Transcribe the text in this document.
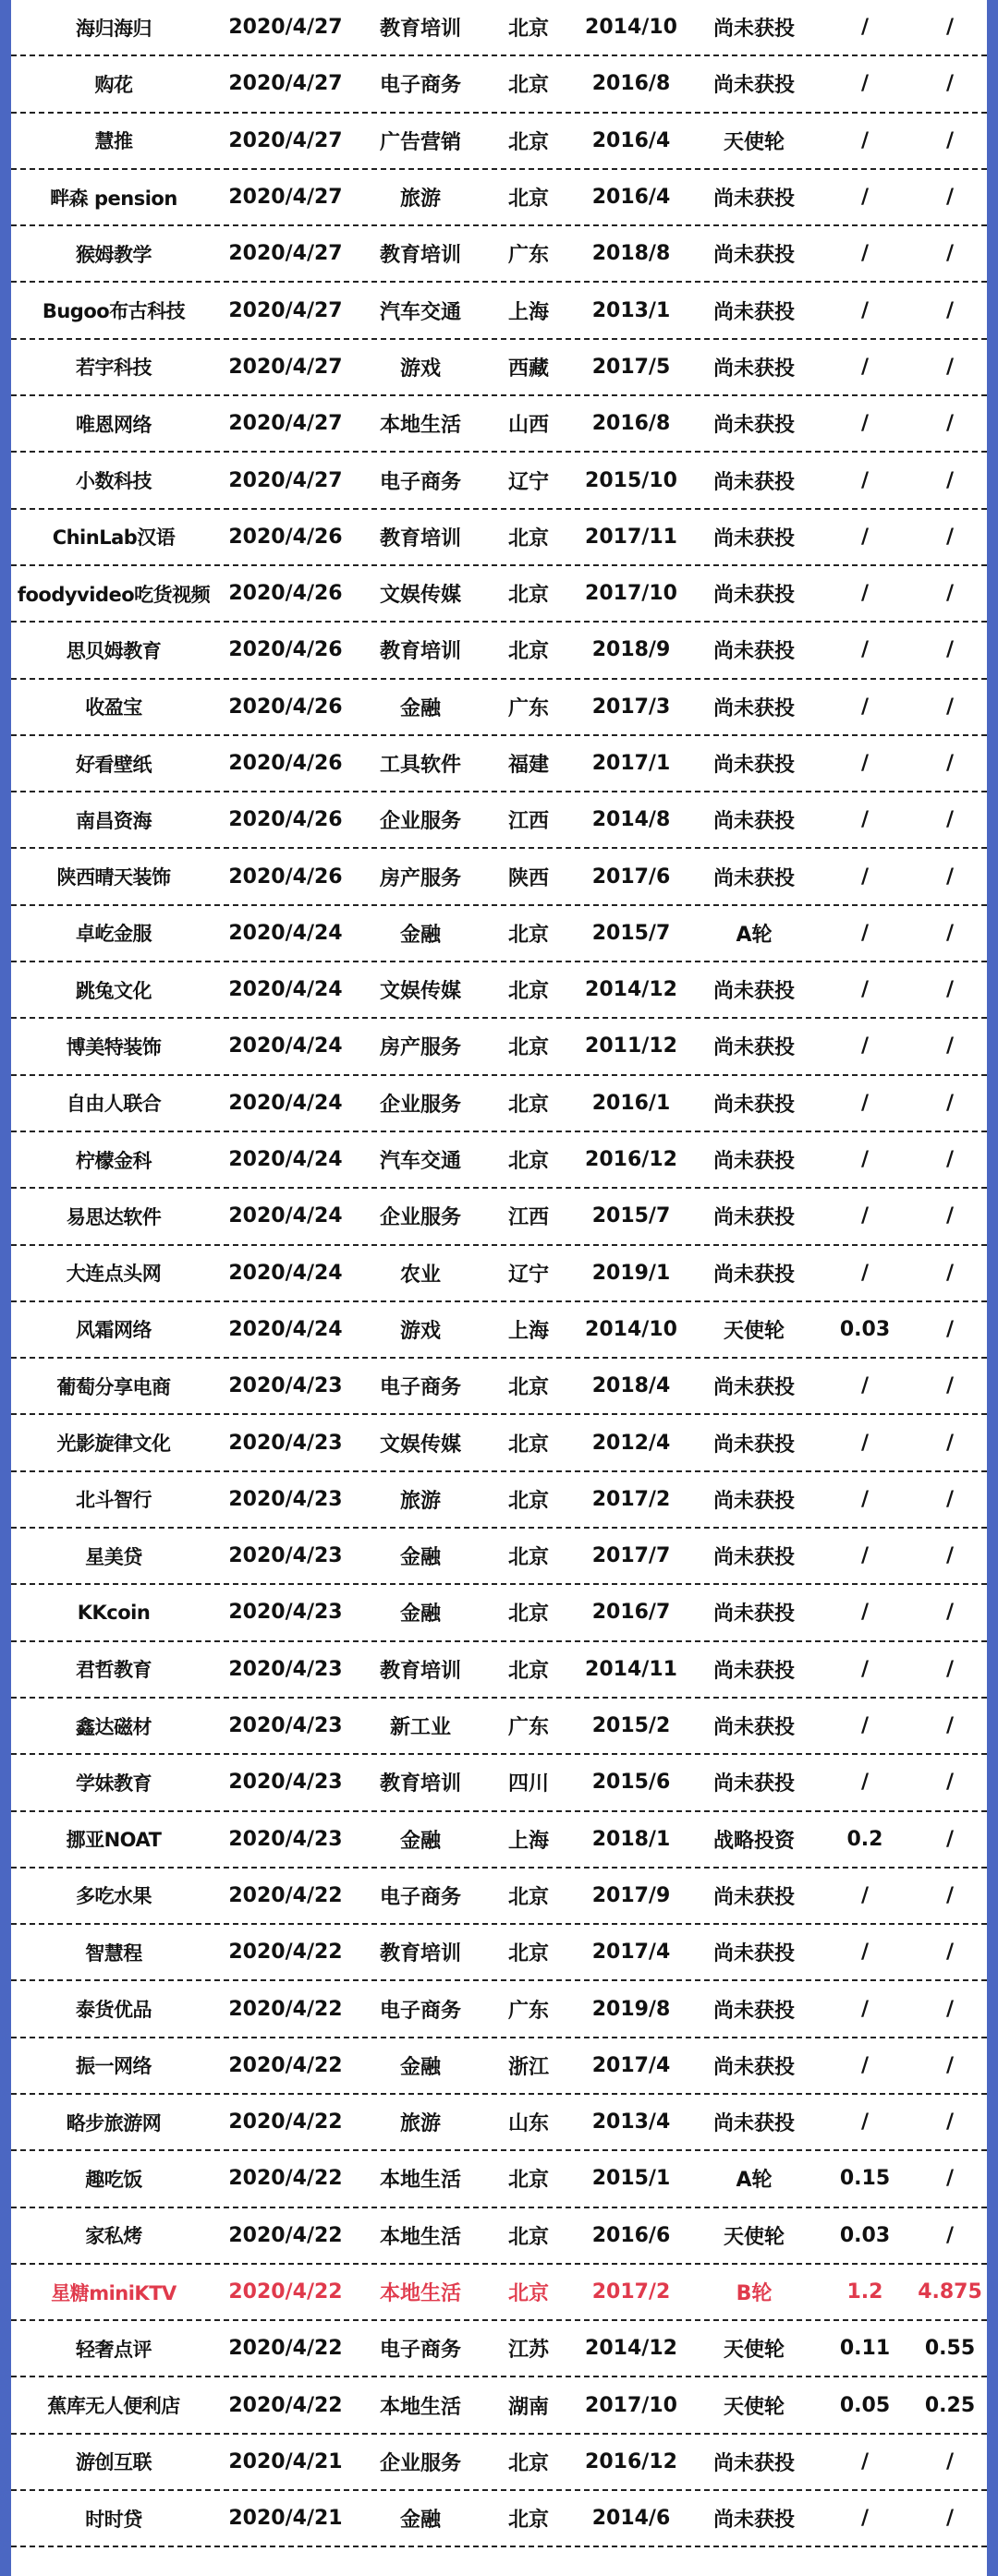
海归海归	2020/4/27	教育培训	北京	2014/10	尚未获投	/	/
购花	2020/4/27	电子商务	北京	2016/8	尚未获投	/	/
慧推	2020/4/27	广告营销	北京	2016/4	天使轮	/	/
畔森 pension	2020/4/27	旅游	北京	2016/4	尚未获投	/	/
猴姆教学	2020/4/27	教育培训	广东	2018/8	尚未获投	/	/
Bugoo布古科技	2020/4/27	汽车交通	上海	2013/1	尚未获投	/	/
若宇科技	2020/4/27	游戏	西藏	2017/5	尚未获投	/	/
唯恩网络	2020/4/27	本地生活	山西	2016/8	尚未获投	/	/
小数科技	2020/4/27	电子商务	辽宁	2015/10	尚未获投	/	/
ChinLab汉语	2020/4/26	教育培训	北京	2017/11	尚未获投	/	/
foodyvideo吃货视频 2020/4/26	文娱传媒	北京	2017/10	尚未获投	/	/
思贝姆教育	2020/4/26	教育培训	北京	2018/9	尚未获投	/	/
收盈宝	2020/4/26	金融	广东	2017/3	尚未获投	/	/
好看壁纸	2020/4/26	工具软件	福建	2017/1	尚未获投	/	/
南昌资海	2020/4/26	企业服务	江西	2014/8	尚未获投	/	/
陕西晴天装饰	2020/4/26	房产服务	陕西	2017/6	尚未获投	/	/
卓屹金服	2020/4/24	金融	北京	2015/7	A轮	/	/
跳兔文化	2020/4/24	文娱传媒	北京	2014/12	尚未获投	/	/
博美特装饰	2020/4/24	房产服务	北京	2011/12	尚未获投	/	/
自由人联合	2020/4/24	企业服务	北京	2016/1	尚未获投	/	/
柠檬金科	2020/4/24	汽车交通	北京	2016/12	尚未获投	/	/
易思达软件	2020/4/24	企业服务	江西	2015/7	尚未获投	/	/
大连点头网	2020/4/24	农业	辽宁	2019/1	尚未获投	/	/
风霜网络	2020/4/24	游戏	上海	2014/10	天使轮	0.03	/
葡萄分享电商	2020/4/23	电子商务	北京	2018/4	尚未获投	/	/
光影旋律文化	2020/4/23	文娱传媒	北京	2012/4	尚未获投	/	/
北斗智行	2020/4/23	旅游	北京	2017/2	尚未获投	/	/
星美贷	2020/4/23	金融	北京	2017/7	尚未获投	/	/
KKcoin	2020/4/23	金融	北京	2016/7	尚未获投	/	/
君哲教育	2020/4/23	教育培训	北京	2014/11	尚未获投	/	/
鑫达磁材	2020/4/23	新工业	广东	2015/2	尚未获投	/	/
学妹教育	2020/4/23	教育培训	四川	2015/6	尚未获投	/	/
挪亚NOAT	2020/4/23	金融	上海	2018/1	战略投资	0.2	/
多吃水果	2020/4/22	电子商务	北京	2017/9	尚未获投	/	/
智慧程	2020/4/22	教育培训	北京	2017/4	尚未获投	/	/
泰货优品	2020/4/22	电子商务	广东	2019/8	尚未获投	/	/
振一网络	2020/4/22	金融	浙江	2017/4	尚未获投	/	/
略步旅游网	2020/4/22	旅游	山东	2013/4	尚未获投	/	/
趣吃饭	2020/4/22	本地生活	北京	2015/1	A轮	0.15	/
家私烤	2020/4/22	本地生活	北京	2016/6	天使轮	0.03	/
星糖miniKTV	2020/4/22	本地生活	北京	2017/2	B轮	1.2	4.875
轻奢点评	2020/4/22	电子商务	江苏	2014/12	天使轮	0.11	0.55
蕉库无人便利店	2020/4/22	本地生活	湖南	2017/10	天使轮	0.05	0.25
游创互联	2020/4/21	企业服务	北京	2016/12	尚未获投	/	/
时时贷	2020/4/21	金融	北京	2014/6	尚未获投	/	/
